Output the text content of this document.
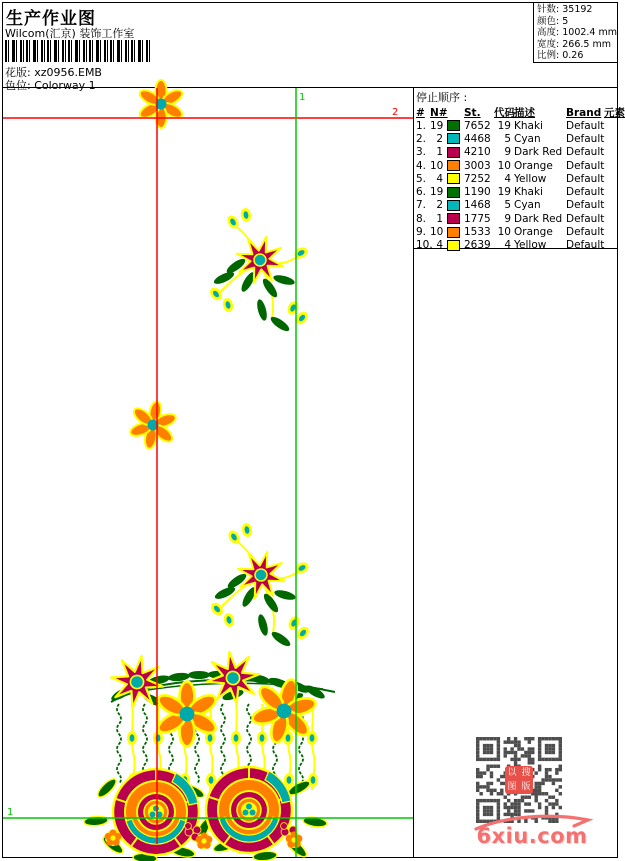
生产作业图
Wilcom(汇京) 装饰工作室
花版: xz0956.EMB
色位: Colorway 1
针数: 35192
颜色: 5
高度: 1002.4 mm
宽度: 266.5 mm
比例: 0.26
2
2
1
1
停止顺序 :
# N# St.	代码 描述	Brand 元素
1. 19	7652 19 Khaki	Default
2. 2	4468	5 Cyan	Default
3. 1	4210	9 Dark Red Default
4. 10	3003 10 Orange	Default
5. 4	7252	4 Yellow	Default
6. 19	1190 19 Khaki	Default
7. 2	1468	5 Cyan	Default
8. 1	1775	9 Dark Red Default
9. 10	1533 10 Orange	Default
10. 4	2639	4 Yellow	Default
以 搜
图 版
6xiu.com
